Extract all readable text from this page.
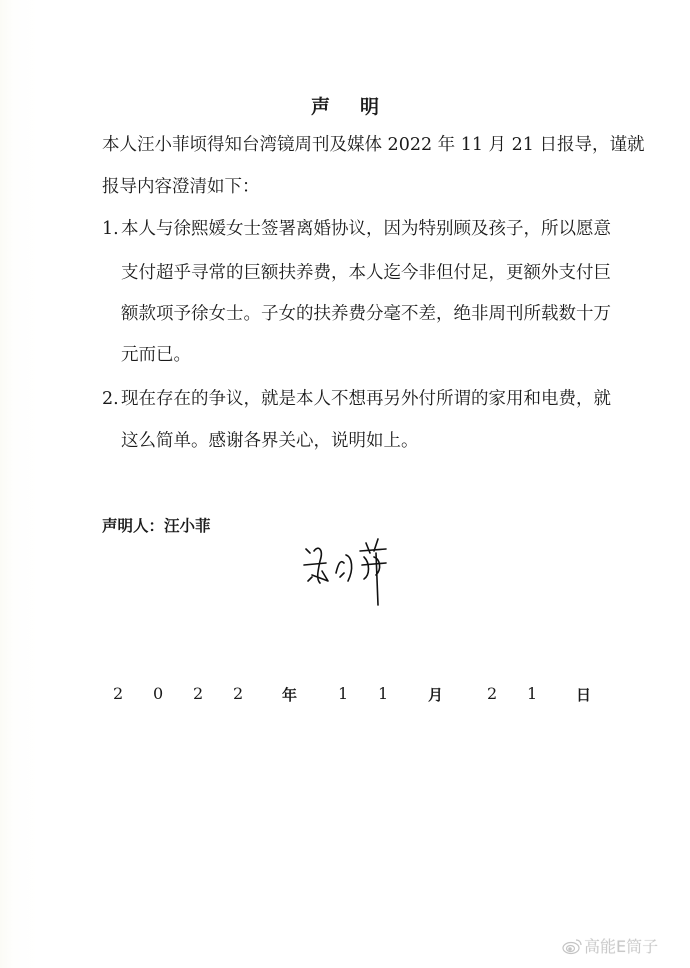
声 明
本人汪小菲顷得知台湾镜周刊及媒体 2022 年 11 月 21 日报导，谨就
报导内容澄清如下：
1. 本人与徐熙媛女士签署离婚协议，因为特别顾及孩子，所以愿意
支付超乎寻常的巨额扶养费，本人迄今非但付足，更额外支付巨
额款项予徐女士。子女的扶养费分毫不差，绝非周刊所载数十万
元而已。
2. 现在存在的争议，就是本人不想再另外付所谓的家用和电费，就
这么简单。感谢各界关心，说明如上。
声明人：汪小菲
2 0 2 2	年	1 1	月	2 1	日
高能E筒子
